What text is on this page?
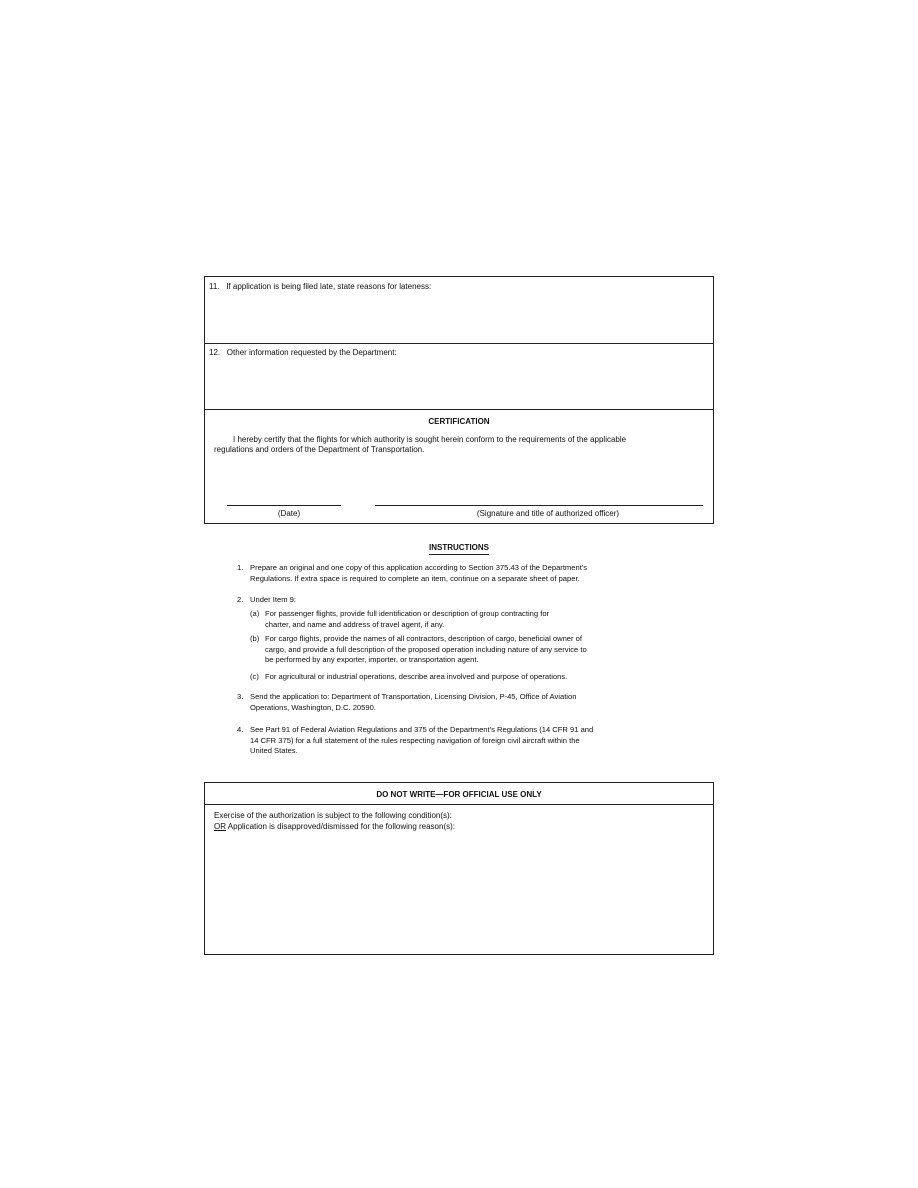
11. If application is being filed late, state reasons for lateness:
12. Other information requested by the Department:
CERTIFICATION
I hereby certify that the flights for which authority is sought herein conform to the requirements of the applicable
regulations and orders of the Department of Transportation.
(Date)	(Signature and title of authorized officer)
INSTRUCTIONS
1. Prepare an original and one copy of this application according to Section 375.43 of the Department's
Regulations. If extra space is required to complete an item, continue on a separate sheet of paper.
2. Under Item 9:
(a) For passenger flights, provide full identification or description of group contracting for
charter, and name and address of travel agent, if any.
(b) For cargo flights, provide the names of all contractors, description of cargo, beneficial owner of
cargo, and provide a full description of the proposed operation including nature of any service to
be performed by any exporter, importer, or transportation agent.
(c) For agricultural or industrial operations, describe area involved and purpose of operations.
3. Send the application to: Department of Transportation, Licensing Division, P-45, Office of Aviation
Operations, Washington, D.C. 20590.
4. See Part 91 of Federal Aviation Regulations and 375 of the Department's Regulations (14 CFR 91 and
14 CFR 375) for a full statement of the rules respecting navigation of foreign civil aircraft within the
United States.
DO NOT WRITE—FOR OFFICIAL USE ONLY
Exercise of the authorization is subject to the following condition(s):
OR Application is disapproved/dismissed for the following reason(s):
